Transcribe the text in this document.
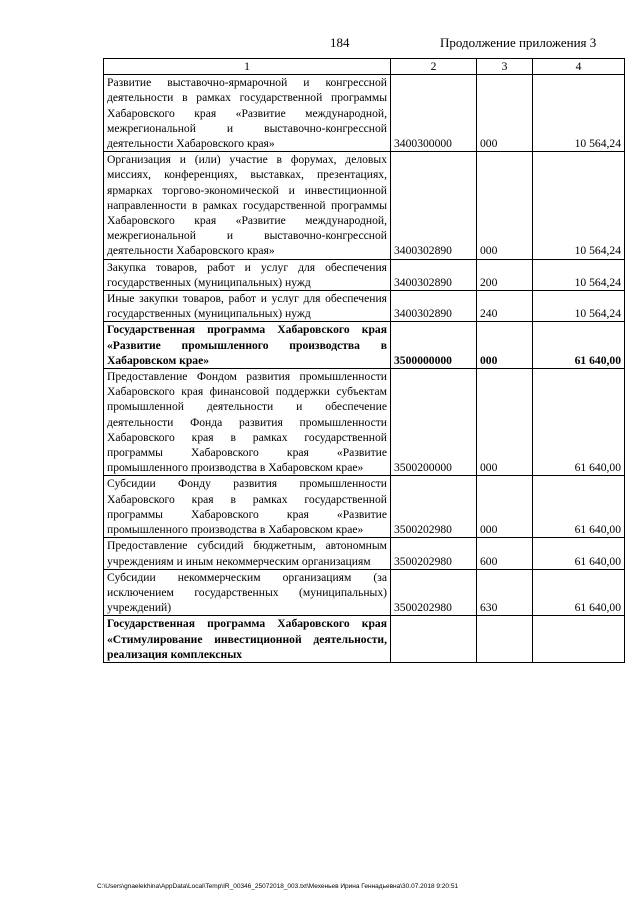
184	Продолжение приложения 3
1	2	3	4
Развитие выставочно-ярмарочной и конгрессной деятельности в рамках государственной программы Хабаровского края «Развитие международной, межрегиональной и выставочно-конгрессной деятельности Хабаровского края»	3400300000	000	10 564,24
Организация и (или) участие в форумах, деловых миссиях, конференциях, выставках, презентациях, ярмарках торгово-экономической и инвестиционной направленности в рамках государственной программы Хабаровского края «Развитие международной, межрегиональной и выставочно-конгрессной деятельности Хабаровского края»	3400302890	000	10 564,24
Закупка товаров, работ и услуг для обеспечения государственных (муниципальных) нужд	3400302890	200	10 564,24
Иные закупки товаров, работ и услуг для обеспечения государственных (муниципальных) нужд	3400302890	240	10 564,24
Государственная программа Хабаровского края «Развитие промышленного производства в Хабаровском крае»	3500000000	000	61 640,00
Предоставление Фондом развития промышленности Хабаровского края финансовой поддержки субъектам промышленной деятельности и обеспечение деятельности Фонда развития промышленности Хабаровского края в рамках государственной программы Хабаровского края «Развитие промышленного производства в Хабаровском крае»	3500200000	000	61 640,00
Субсидии Фонду развития промышленности Хабаровского края в рамках государственной программы Хабаровского края «Развитие промышленного производства в Хабаровском крае»	3500202980	000	61 640,00
Предоставление субсидий бюджетным, автономным учреждениям и иным некоммерческим организациям	3500202980	600	61 640,00
Субсидии некоммерческим организациям (за исключением государственных (муниципальных) учреждений)	3500202980	630	61 640,00
Государственная программа Хабаровского края «Стимулирование инвестиционной деятельности, реализация комплексных			
C:\Users\gnaelekhina\AppData\Local\Temp\IR_00346_25072018_003.txt\Мехеньев Ирина Геннадьевна\30.07.2018 9:20:51
